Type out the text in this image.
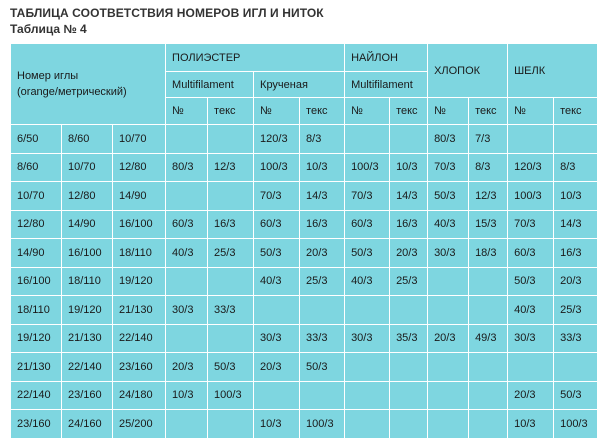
ТАБЛИЦА СООТВЕТСТВИЯ НОМЕРОВ ИГЛ И НИТОК
Таблица № 4
Номер иглы
(orange/метрический)			ПОЛИЭСТЕР				НАЙЛОН		ХЛОПОК		ШЕЛК	
			Multifilament		Крученая		Multifilament					
			№	текс	№	текс	№	текс	№	текс	№	текс
6/50	8/60	10/70			120/3	8/3			80/3	7/3		
8/60	10/70	12/80	80/3	12/3	100/3	10/3	100/3	10/3	70/3	8/3	120/3	8/3
10/70	12/80	14/90			70/3	14/3	70/3	14/3	50/3	12/3	100/3	10/3
12/80	14/90	16/100	60/3	16/3	60/3	16/3	60/3	16/3	40/3	15/3	70/3	14/3
14/90	16/100	18/110	40/3	25/3	50/3	20/3	50/3	20/3	30/3	18/3	60/3	16/3
16/100	18/110	19/120			40/3	25/3	40/3	25/3			50/3	20/3
18/110	19/120	21/130	30/3	33/3							40/3	25/3
19/120	21/130	22/140			30/3	33/3	30/3	35/3	20/3	49/3	30/3	33/3
21/130	22/140	23/160	20/3	50/3	20/3	50/3						
22/140	23/160	24/180	10/3	100/3							20/3	50/3
23/160	24/160	25/200			10/3	100/3					10/3	100/3
